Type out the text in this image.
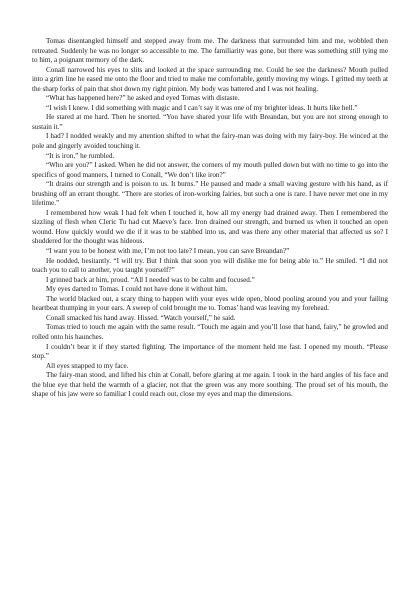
Tomas disentangled himself and stepped away from me. The darkness that surrounded him and me, wobbled then retreated. Suddenly he was no longer so accessible to me. The familiarity was gone, but there was something still tying me to him, a poignant memory of the dark.

Conall narrowed his eyes to slits and looked at the space surrounding me. Could he see the darkness? Mouth pulled into a grim line he eased me onto the floor and tried to make me comfortable, gently moving my wings. I gritted my teeth at the sharp forks of pain that shot down my right pinion. My body was battered and I was not healing.

“What has happened here?” he asked and eyed Tomas with distaste.

“I wish I knew. I did something with magic and I can’t say it was one of my brighter ideas. It hurts like hell.”

He stared at me hard. Then he snorted. “You have shared your life with Breandan, but you are not strong enough to sustain it.”

I had? I nodded weakly and my attention shifted to what the fairy-man was doing with my fairy-boy. He winced at the pole and gingerly avoided touching it.

“It is iron,” he rumbled.

“Who are you?” I asked. When he did not answer, the corners of my mouth pulled down but with no time to go into the specifics of good manners, I turned to Conall, “We don’t like iron?”

“It drains our strength and is poison to us. It burns.” He paused and made a small waving gesture with his hand, as if brushing off an errant thought. “There are stories of iron-working fairies, but such a one is rare. I have never met one in my lifetime.”

I remembered how weak I had felt when I touched it, how all my energy had drained away. Then I remembered the sizzling of flesh when Cleric Tu had cut Maeve’s face. Iron drained our strength, and burned us when it touched an open wound. How quickly would we die if it was to be stabbed into us, and was there any other material that affected us so? I shuddered for the thought was hideous.

“I want you to be honest with me, I’m not too late? I mean, you can save Breandan?”

He nodded, hesitantly. “I will try. But I think that soon you will dislike me for being able to.” He smiled. “I did not teach you to call to another, you taught yourself?”

I grinned back at him, proud. “All I needed was to be calm and focused.”

My eyes darted to Tomas. I could not have done it without him.

The world blacked out, a scary thing to happen with your eyes wide open, blood pooling around you and your failing heartbeat thumping in your ears. A sweep of cold brought me to. Tomas’ hand was leaving my forehead.

Conall smacked his hand away. Hissed. “Watch yourself,” he said.

Tomas tried to touch me again with the same result. “Touch me again and you’ll lose that hand, fairy,” he growled and rolled onto his haunches.

I couldn’t bear it if they started fighting. The importance of the moment held me fast. I opened my mouth. “Please stop.”

All eyes snapped to my face.

The fairy-man stood, and lifted his chin at Conall, before glaring at me again. I took in the hard angles of his face and the blue eye that held the warmth of a glacier, not that the green was any more soothing. The proud set of his mouth, the shape of his jaw were so familiar I could reach out, close my eyes and map the dimensions.
